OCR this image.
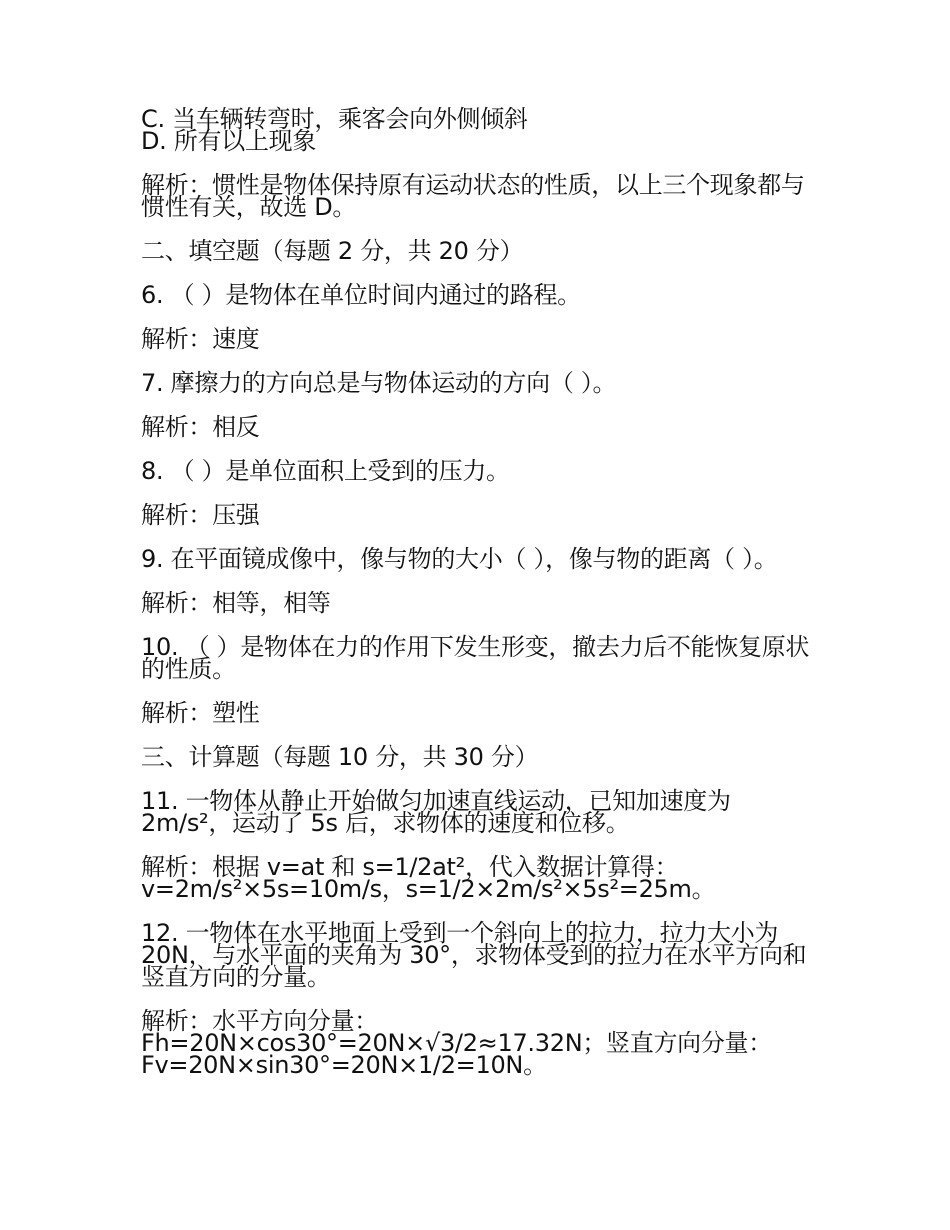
C. 当车辆转弯时，乘客会向外侧倾斜

D. 所有以上现象

解析：惯性是物体保持原有运动状态的性质，以上三个现象都与惯性有关，故选 D。

二、填空题（每题 2 分，共 20 分）

6. （ ）是物体在单位时间内通过的路程。

解析：速度

7. 摩擦力的方向总是与物体运动的方向（ ）。

解析：相反

8. （ ）是单位面积上受到的压力。

解析：压强

9. 在平面镜成像中，像与物的大小（ ），像与物的距离（ ）。

解析：相等，相等

10. （ ）是物体在力的作用下发生形变，撤去力后不能恢复原状的性质。

解析：塑性

三、计算题（每题 10 分，共 30 分）

11. 一物体从静止开始做匀加速直线运动，已知加速度为 2m/s²，运动了 5s 后，求物体的速度和位移。

解析：根据 v=at 和 s=1/2at²，代入数据计算得：v=2m/s²×5s=10m/s，s=1/2×2m/s²×5s²=25m。

12. 一物体在水平地面上受到一个斜向上的拉力，拉力大小为 20N，与水平面的夹角为 30°，求物体受到的拉力在水平方向和竖直方向的分量。

解析：水平方向分量：Fh=20N×cos30°=20N×√3/2≈17.32N；竖直方向分量：Fv=20N×sin30°=20N×1/2=10N。
